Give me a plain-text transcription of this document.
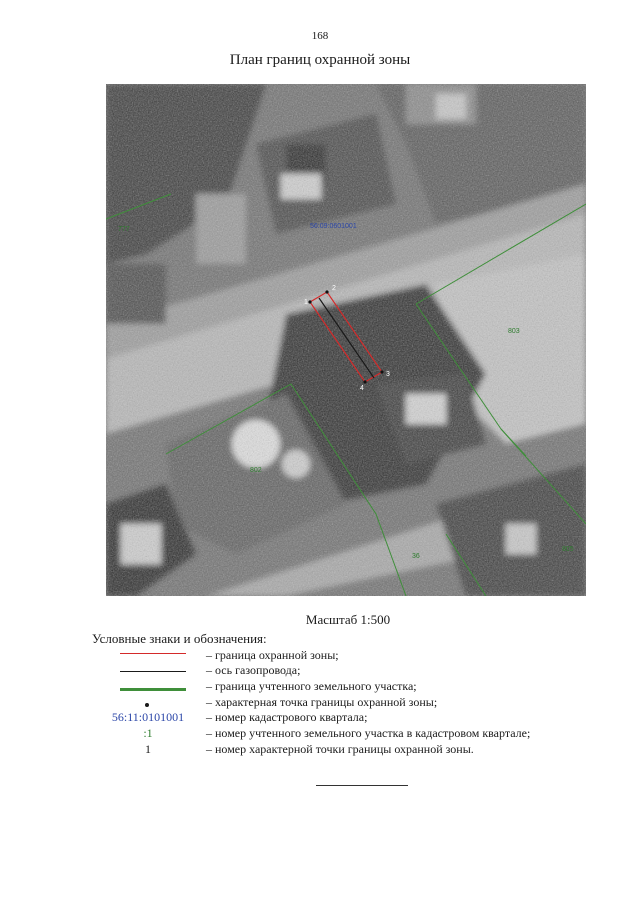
168
План границ охранной зоны
56:09:0601001
777
803
802
36
805
1
2
3
4
Масштаб 1:500
Условные знаки и обозначения:
– граница охранной зоны;
– ось газопровода;
– граница учтенного земельного участка;
– характерная точка границы охранной зоны;
56:11:0101001	– номер кадастрового квартала;
:1	– номер учтенного земельного участка в кадастровом квартале;
1	– номер характерной точки границы охранной зоны.
